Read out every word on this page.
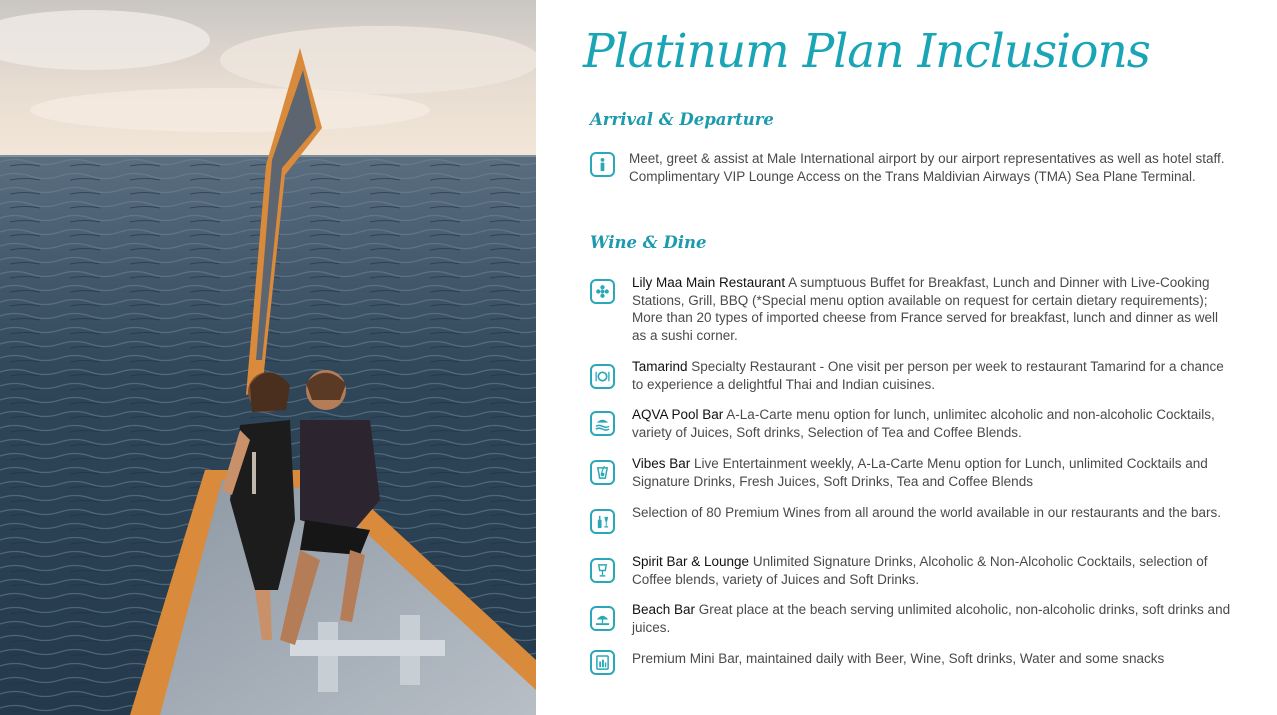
Platinum Plan Inclusions
Arrival & Departure
Meet, greet & assist at Male International airport by our airport representatives as well as hotel staff. Complimentary VIP Lounge Access on the Trans Maldivian Airways (TMA) Sea Plane Terminal.
Wine & Dine
Lily Maa Main Restaurant A sumptuous Buffet for Breakfast, Lunch and Dinner with Live-Cooking Stations, Grill, BBQ (*Special menu option available on request for certain dietary requirements); More than 20 types of imported cheese from France served for breakfast, lunch and dinner as well as a sushi corner.
Tamarind Specialty Restaurant - One visit per person per week to restaurant Tamarind for a chance to experience a delightful Thai and Indian cuisines.
AQVA Pool Bar A-La-Carte menu option for lunch, unlimitec alcoholic and non-alcoholic Cocktails, variety of Juices, Soft drinks, Selection of Tea and Coffee Blends.
Vibes Bar Live Entertainment weekly, A-La-Carte Menu option for Lunch, unlimited Cocktails and Signature Drinks, Fresh Juices, Soft Drinks, Tea and Coffee Blends
Selection of 80 Premium Wines from all around the world available in our restaurants and the bars.
Spirit Bar & Lounge Unlimited Signature Drinks, Alcoholic & Non-Alcoholic Cocktails, selection of Coffee blends, variety of Juices and Soft Drinks.
Beach Bar Great place at the beach serving unlimited alcoholic, non-alcoholic drinks, soft drinks and juices.
Premium Mini Bar, maintained daily with Beer, Wine, Soft drinks, Water and some snacks
